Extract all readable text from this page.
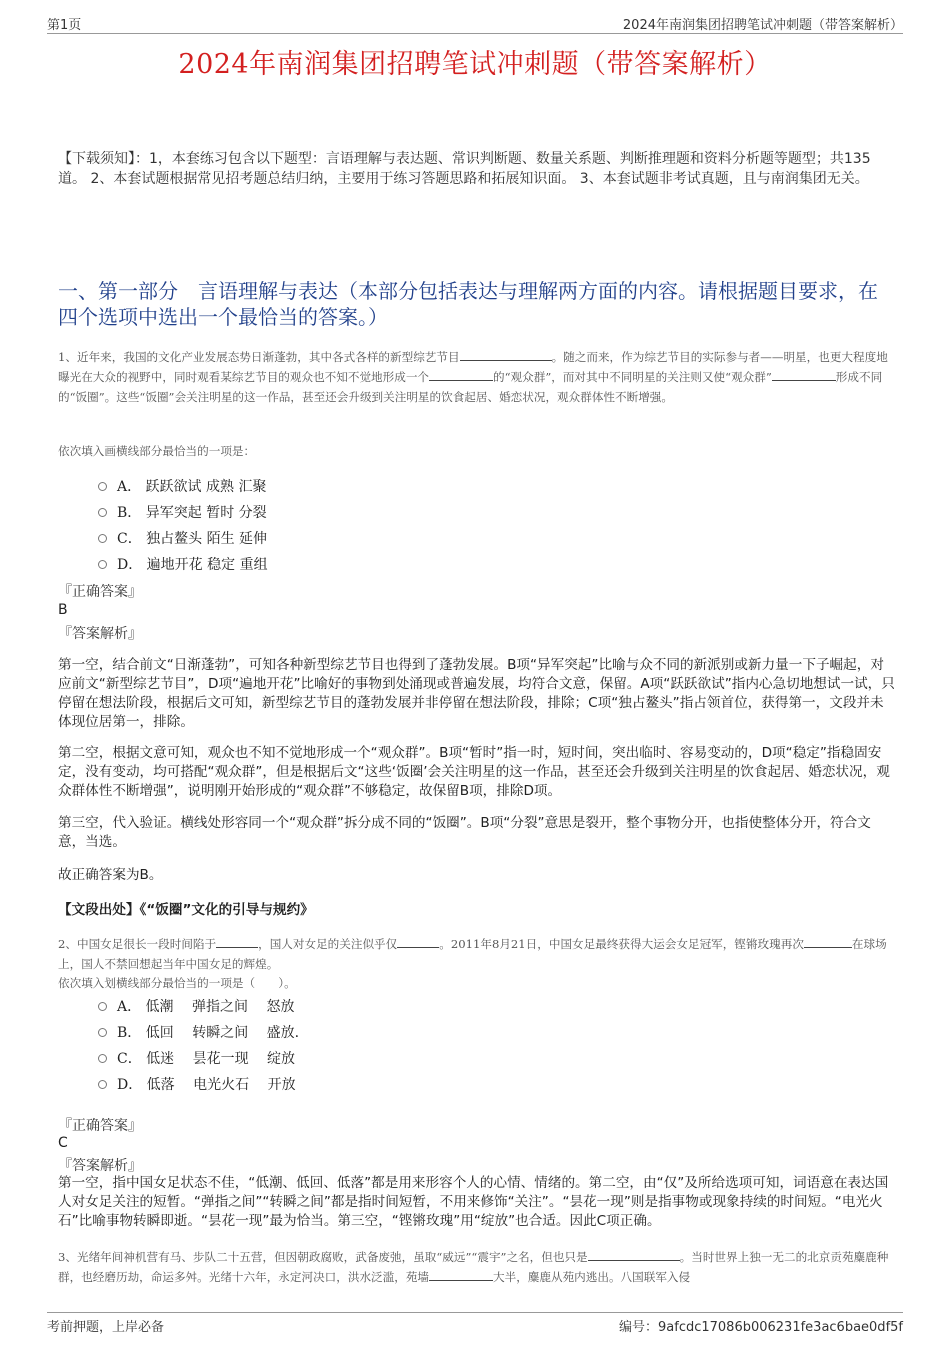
第1页	2024年南润集团招聘笔试冲刺题（带答案解析）
2024年南润集团招聘笔试冲刺题（带答案解析）
【下载须知】：1，本套练习包含以下题型：言语理解与表达题、常识判断题、数量关系题、判断推理题和资料分析题等题型；共135道。 2、本套试题根据常见招考题总结归纳，主要用于练习答题思路和拓展知识面。 3、本套试题非考试真题，且与南润集团无关。
一、第一部分　言语理解与表达（本部分包括表达与理解两方面的内容。请根据题目要求，在四个选项中选出一个最恰当的答案。）
1、近年来，我国的文化产业发展态势日渐蓬勃，其中各式各样的新型综艺节目	。随之而来，作为综艺节目的实际参与者——明星，也更大程度地曝光在大众的视野中，同时观看某综艺节目的观众也不知不觉地形成一个	的“观众群”，而对其中不同明星的关注则又使“观众群”	形成不同的“饭圈”。这些“饭圈”会关注明星的这一作品，甚至还会升级到关注明星的饮食起居、婚恋状况，观众群体性不断增强。
依次填入画横线部分最恰当的一项是：
A． 跃跃欲试 成熟 汇聚
B． 异军突起 暂时 分裂
C． 独占鳌头 陌生 延伸
D． 遍地开花 稳定 重组
『正确答案』
B
『答案解析』
第一空，结合前文“日渐蓬勃”，可知各种新型综艺节目也得到了蓬勃发展。B项“异军突起”比喻与众不同的新派别或新力量一下子崛起，对应前文“新型综艺节目”，D项“遍地开花”比喻好的事物到处涌现或普遍发展，均符合文意，保留。A项“跃跃欲试”指内心急切地想试一试，只停留在想法阶段，根据后文可知，新型综艺节目的蓬勃发展并非停留在想法阶段，排除；C项“独占鳌头”指占领首位，获得第一，文段并未体现位居第一，排除。
第二空，根据文意可知，观众也不知不觉地形成一个“观众群”。B项“暂时”指一时，短时间，突出临时、容易变动的，D项“稳定”指稳固安定，没有变动，均可搭配“观众群”，但是根据后文“这些‘饭圈’会关注明星的这一作品，甚至还会升级到关注明星的饮食起居、婚恋状况，观众群体性不断增强”，说明刚开始形成的“观众群”不够稳定，故保留B项，排除D项。
第三空，代入验证。横线处形容同一个“观众群”拆分成不同的“饭圈”。B项“分裂”意思是裂开，整个事物分开，也指使整体分开，符合文意，当选。
故正确答案为B。
【文段出处】《“饭圈”文化的引导与规约》
2、中国女足很长一段时间陷于	，国人对女足的关注似乎仅	。2011年8月21日，中国女足最终获得大运会女足冠军，铿锵玫瑰再次	在球场上，国人不禁回想起当年中国女足的辉煌。
依次填入划横线部分最恰当的一项是（　　）。
A． 低潮　 弹指之间　 怒放
B． 低回　 转瞬之间　 盛放.
C． 低迷　 昙花一现　 绽放
D． 低落　 电光火石　 开放
『正确答案』
C
『答案解析』
第一空，指中国女足状态不佳，“低潮、低回、低落”都是用来形容个人的心情、情绪的。第二空，由“仅”及所给选项可知，词语意在表达国人对女足关注的短暂。“弹指之间”“转瞬之间”都是指时间短暂，不用来修饰“关注”。“昙花一现”则是指事物或现象持续的时间短。“电光火石”比喻事物转瞬即逝。“昙花一现”最为恰当。第三空，“铿锵玫瑰”用“绽放”也合适。因此C项正确。
3、光绪年间神机营有马、步队二十五营，但因朝政腐败，武备废弛，虽取“威远”“震宇”之名，但也只是	。当时世界上独一无二的北京贡苑麋鹿种群，也经磨历劫，命运多舛。光绪十六年，永定河决口，洪水泛滥，苑墙	大半，麋鹿从苑内逃出。八国联军入侵
考前押题，上岸必备	编号：9afcdc17086b006231fe3ac6bae0df5f
